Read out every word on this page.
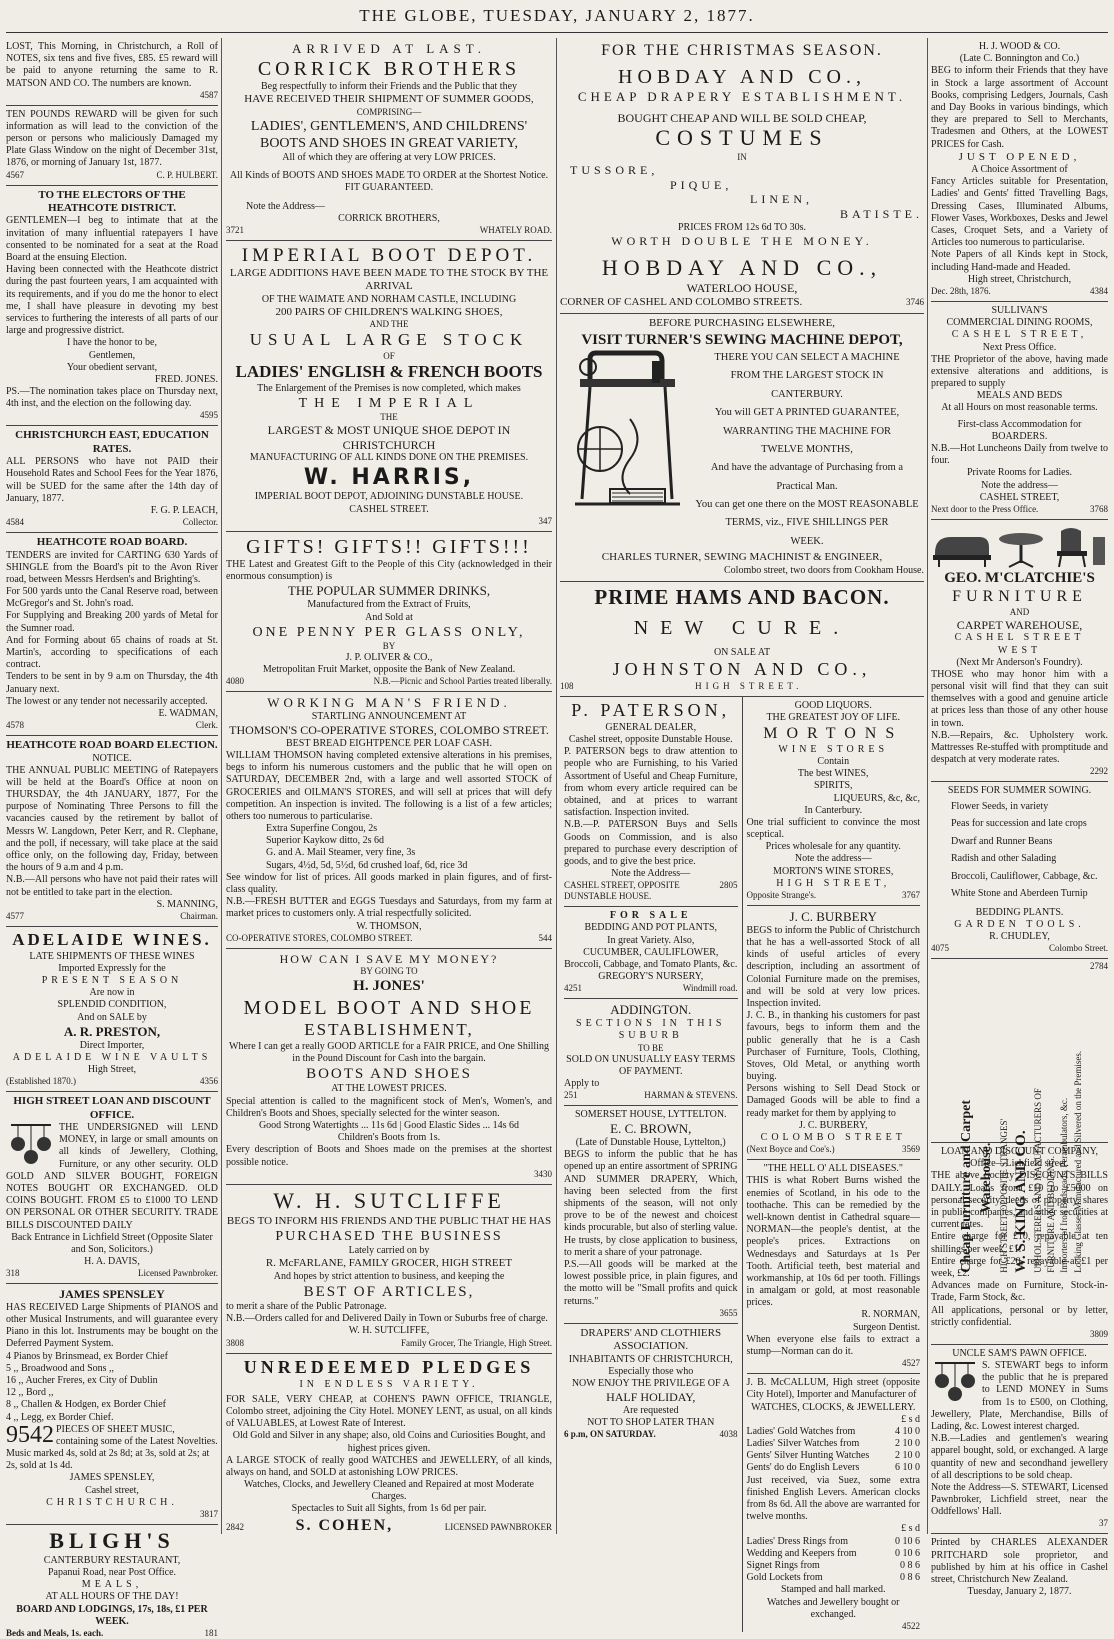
THE GLOBE, TUESDAY, JANUARY 2, 1877.
LOST, This Morning, in Christchurch, a Roll of NOTES, six tens and five fives, £85. £5 reward will be paid to anyone returning the same to R. MATSON AND CO. The numbers are known.
4587
TEN POUNDS REWARD will be given for such information as will lead to the conviction of the person or persons who maliciously Damaged my Plate Glass Window on the night of December 31st, 1876, or morning of January 1st, 1877.
4567	C. P. HULBERT.
TO THE ELECTORS OF THE HEATHCOTE DISTRICT.
GENTLEMEN—I beg to intimate that at the invitation of many influential ratepayers I have consented to be nominated for a seat at the Road Board at the ensuing Election.
Having been connected with the Heathcote district during the past fourteen years, I am acquainted with its requirements, and if you do me the honor to elect me, I shall have pleasure in devoting my best services to furthering the interests of all parts of our large and progressive district.
I have the honor to be,
Gentlemen,
Your obedient servant,
FRED. JONES.
PS.—The nomination takes place on Thursday next, 4th inst, and the election on the following day.
4595
CHRISTCHURCH EAST, EDUCATION RATES.
ALL PERSONS who have not PAID their Household Rates and School Fees for the Year 1876, will be SUED for the same after the 14th day of January, 1877.
F. G. P. LEACH,
4584	Collector.
HEATHCOTE ROAD BOARD.
TENDERS are invited for CARTING 630 Yards of SHINGLE from the Board's pit to the Avon River road, between Messrs Herdsen's and Brighting's.
For 500 yards unto the Canal Reserve road, between McGregor's and St. John's road.
For Supplying and Breaking 200 yards of Metal for the Sumner road.
And for Forming about 65 chains of roads at St. Martin's, according to specifications of each contract.
Tenders to be sent in by 9 a.m on Thursday, the 4th January next.
The lowest or any tender not necessarily accepted.
E. WADMAN,
4578	Clerk.
HEATHCOTE ROAD BOARD ELECTION.
NOTICE.
THE ANNUAL PUBLIC MEETING of Ratepayers will be held at the Board's Office at noon on THURSDAY, the 4th JANUARY, 1877, For the purpose of Nominating Three Persons to fill the vacancies caused by the retirement by ballot of Messrs W. Langdown, Peter Kerr, and R. Clephane, and the poll, if necessary, will take place at the said office only, on the following day, Friday, between the hours of 9 a.m and 4 p.m.
N.B.—All persons who have not paid their rates will not be entitled to take part in the election.
S. MANNING,
4577	Chairman.
ADELAIDE WINES.
LATE SHIPMENTS OF THESE WINES
Imported Expressly for the
PRESENT SEASON
Are now in
SPLENDID CONDITION,
And on SALE by
A. R. PRESTON,
Direct Importer,
ADELAIDE WINE VAULTS
High Street,
(Established 1870.)	4356
HIGH STREET LOAN AND DISCOUNT OFFICE.
THE UNDERSIGNED will LEND MONEY, in large or small amounts on all kinds of Jewellery, Clothing, Furniture, or any other security. OLD GOLD AND SILVER BOUGHT, FOREIGN NOTES BOUGHT OR EXCHANGED. OLD COINS BOUGHT. FROM £5 to £1000 TO LEND ON PERSONAL OR OTHER SECURITY. TRADE BILLS DISCOUNTED DAILY
Back Entrance in Lichfield Street (Opposite Slater and Son, Solicitors.)
H. A. DAVIS,
318	Licensed Pawnbroker.
JAMES SPENSLEY
HAS RECEIVED Large Shipments of PIANOS and other Musical Instruments, and will guarantee every Piano in this lot. Instruments may be bought on the Deferred Payment System.
4 Pianos by Brinsmead, ex Border Chief
5 ,, Broadwood and Sons ,,
16 ,, Aucher Freres, ex City of Dublin
12 ,, Bord ,,
8 ,, Challen & Hodgen, ex Border Chief
4 ,, Legg, ex Border Chief.
9542 PIECES OF SHEET MUSIC, containing some of the Latest Novelties. Music marked 4s, sold at 2s 8d; at 3s, sold at 2s; at 2s, sold at 1s 4d.
JAMES SPENSLEY,
Cashel street,
CHRISTCHURCH.
3817
BLIGH'S
CANTERBURY RESTAURANT,
Papanui Road, near Post Office.
MEALS,
AT ALL HOURS OF THE DAY!
BOARD AND LODGINGS, 17s, 18s, £1 PER WEEK.
Beds and Meals, 1s. each.	181
ARRIVED AT LAST.
CORRICK BROTHERS
Beg respectfully to inform their Friends and the Public that they
HAVE RECEIVED THEIR SHIPMENT OF SUMMER GOODS,
COMPRISING—
LADIES', GENTLEMEN'S, AND CHILDRENS'
BOOTS AND SHOES IN GREAT VARIETY,
All of which they are offering at very LOW PRICES.
All Kinds of BOOTS AND SHOES MADE TO ORDER at the Shortest Notice.
FIT GUARANTEED.
Note the Address—
CORRICK BROTHERS,
3721	WHATELY ROAD.
IMPERIAL BOOT DEPOT.
LARGE ADDITIONS HAVE BEEN MADE TO THE STOCK BY THE ARRIVAL
OF THE WAIMATE AND NORHAM CASTLE, INCLUDING
200 PAIRS OF CHILDREN'S WALKING SHOES,
AND THE
USUAL LARGE STOCK
OF
LADIES' ENGLISH & FRENCH BOOTS
The Enlargement of the Premises is now completed, which makes
THE IMPERIAL
THE
LARGEST & MOST UNIQUE SHOE DEPOT IN CHRISTCHURCH
MANUFACTURING OF ALL KINDS DONE ON THE PREMISES.
W. HARRIS,
IMPERIAL BOOT DEPOT, ADJOINING DUNSTABLE HOUSE.
CASHEL STREET.
347
GIFTS! GIFTS!! GIFTS!!!
THE Latest and Greatest Gift to the People of this City (acknowledged in their enormous consumption) is
THE POPULAR SUMMER DRINKS,
Manufactured from the Extract of Fruits,
And Sold at
ONE PENNY PER GLASS ONLY,
BY
J. P. OLIVER & CO.,
Metropolitan Fruit Market, opposite the Bank of New Zealand.
4080	N.B.—Picnic and School Parties treated liberally.
WORKING MAN'S FRIEND.
STARTLING ANNOUNCEMENT AT
THOMSON'S CO-OPERATIVE STORES, COLOMBO STREET.
BEST BREAD EIGHTPENCE PER LOAF CASH.
WILLIAM THOMSON having completed extensive alterations in his premises, begs to inform his numerous customers and the public that he will open on SATURDAY, DECEMBER 2nd, with a large and well assorted STOCK of GROCERIES and OILMAN'S STORES, and will sell at prices that will defy competition. An inspection is invited. The following is a list of a few articles; others too numerous to particularise.
Extra Superfine Congou, 2s
Superior Kaykow ditto, 2s 6d
G. and A. Mail Steamer, very fine, 3s
Sugars, 4½d, 5d, 5½d, 6d crushed loaf, 6d, rice 3d
See window for list of prices. All goods marked in plain figures, and of first-class quality.
N.B.—FRESH BUTTER and EGGS Tuesdays and Saturdays, from my farm at market prices to customers only. A trial respectfully solicited.
W. THOMSON,
CO-OPERATIVE STORES, COLOMBO STREET.	544
HOW CAN I SAVE MY MONEY?
BY GOING TO
H. JONES'
MODEL BOOT AND SHOE
ESTABLISHMENT,
Where I can get a really GOOD ARTICLE for a FAIR PRICE, and One Shilling in the Pound Discount for Cash into the bargain.
BOOTS AND SHOES
AT THE LOWEST PRICES.
Special attention is called to the magnificent stock of Men's, Women's, and Children's Boots and Shoes, specially selected for the winter season.
Good Strong Watertights ... 11s 6d | Good Elastic Sides ... 14s 6d
Children's Boots from 1s.
Every description of Boots and Shoes made on the premises at the shortest possible notice.
3430
W. H. SUTCLIFFE
BEGS TO INFORM HIS FRIENDS AND THE PUBLIC THAT HE HAS
PURCHASED THE BUSINESS
Lately carried on by
R. McFARLANE, FAMILY GROCER, HIGH STREET
And hopes by strict attention to business, and keeping the
BEST OF ARTICLES,
to merit a share of the Public Patronage.
N.B.—Orders called for and Delivered Daily in Town or Suburbs free of charge.
W. H. SUTCLIFFE,
3808	Family Grocer, The Triangle, High Street.
UNREDEEMED PLEDGES
IN ENDLESS VARIETY.
FOR SALE, VERY CHEAP, at COHEN'S PAWN OFFICE, TRIANGLE, Colombo street, adjoining the City Hotel. MONEY LENT, as usual, on all kinds of VALUABLES, at Lowest Rate of Interest.
Old Gold and Silver in any shape; also, old Coins and Curiosities Bought, and highest prices given.
A LARGE STOCK of really good WATCHES and JEWELLERY, of all kinds, always on hand, and SOLD at astonishing LOW PRICES.
Watches, Clocks, and Jewellery Cleaned and Repaired at most Moderate Charges.
Spectacles to Suit all Sights, from 1s 6d per pair.
2842	S. COHEN,	LICENSED PAWNBROKER
FOR THE CHRISTMAS SEASON.
HOBDAY AND CO.,
CHEAP DRAPERY ESTABLISHMENT.
BOUGHT CHEAP AND WILL BE SOLD CHEAP,
COSTUMES
IN
TUSSORE,
PIQUE,
LINEN,
BATISTE.
PRICES FROM 12s 6d TO 30s.
WORTH DOUBLE THE MONEY.
HOBDAY AND CO.,
WATERLOO HOUSE,
CORNER OF CASHEL AND COLOMBO STREETS.	3746
BEFORE PURCHASING ELSEWHERE,
VISIT TURNER'S SEWING MACHINE DEPOT,
THERE YOU CAN SELECT A MACHINE
FROM THE LARGEST STOCK IN
CANTERBURY.
You will GET A PRINTED GUARANTEE,
WARRANTING THE MACHINE FOR
TWELVE MONTHS,
And have the advantage of Purchasing from a
Practical Man.
You can get one there on the MOST REASONABLE
TERMS, viz., FIVE SHILLINGS PER
WEEK.
CHARLES TURNER, SEWING MACHINIST & ENGINEER,
Colombo street, two doors from Cookham House.
PRIME HAMS AND BACON.
NEW CURE.
ON SALE AT
JOHNSTON AND CO.,
108	HIGH STREET.
P. PATERSON,
GENERAL DEALER,
Cashel street, opposite Dunstable House.
P. PATERSON begs to draw attention to people who are Furnishing, to his Varied Assortment of Useful and Cheap Furniture, from whom every article required can be obtained, and at prices to warrant satisfaction. Inspection invited.
N.B.—P. PATERSON Buys and Sells Goods on Commission, and is also prepared to purchase every description of goods, and to give the best price.
Note the Address—
CASHEL STREET, OPPOSITE DUNSTABLE HOUSE.
2805
FOR SALE
BEDDING AND POT PLANTS,
In great Variety. Also,
CUCUMBER, CAULIFLOWER,
Broccoli, Cabbage, and Tomato Plants, &c.
GREGORY'S NURSERY,
4251	Windmill road.
ADDINGTON.
SECTIONS IN THIS SUBURB
TO BE
SOLD ON UNUSUALLY EASY TERMS
OF PAYMENT.
Apply to
251	HARMAN & STEVENS.
SOMERSET HOUSE, LYTTELTON.
E. C. BROWN,
(Late of Dunstable House, Lyttelton,)
BEGS to inform the public that he has opened up an entire assortment of SPRING AND SUMMER DRAPERY, Which, having been selected from the first shipments of the season, will not only prove to be of the newest and choicest kinds procurable, but also of sterling value. He trusts, by close application to business, to merit a share of your patronage.
P.S.—All goods will be marked at the lowest possible price, in plain figures, and the motto will be "Small profits and quick returns."
3655
DRAPERS' AND CLOTHIERS ASSOCIATION.
INHABITANTS OF CHRISTCHURCH,
Especially those who
NOW ENJOY THE PRIVILEGE OF A
HALF HOLIDAY,
Are requested
NOT TO SHOP LATER THAN
6 p.m, ON SATURDAY.	4038
GOOD LIQUORS.
THE GREATEST JOY OF LIFE.
MORTONS
WINE STORES
Contain
The best WINES,
SPIRITS,
LIQUEURS, &c, &c,
In Canterbury.
One trial sufficient to convince the most sceptical.
Prices wholesale for any quantity.
Note the address—
MORTON'S WINE STORES,
HIGH STREET,
Opposite Strange's.	3767
J. C. BURBERY
BEGS to inform the Public of Christchurch that he has a well-assorted Stock of all kinds of useful articles of every description, including an assortment of Colonial Furniture made on the premises, and will be sold at very low prices. Inspection invited.
J. C. B., in thanking his customers for past favours, begs to inform them and the public generally that he is a Cash Purchaser of Furniture, Tools, Clothing, Stoves, Old Metal, or anything worth buying.
Persons wishing to Sell Dead Stock or Damaged Goods will be able to find a ready market for them by applying to
J. C. BURBERY,
COLOMBO STREET
(Next Boyce and Coe's.)	3569
"THE HELL O' ALL DISEASES."
THIS is what Robert Burns wished the enemies of Scotland, in his ode to the toothache. This can be remedied by the well-known dentist in Cathedral square—NORMAN—the people's dentist, at the people's prices. Extractions on Wednesdays and Saturdays at 1s Per Tooth. Artificial teeth, best material and workmanship, at 10s 6d per tooth. Fillings in amalgam or gold, at most reasonable prices.
R. NORMAN,
Surgeon Dentist.
When everyone else fails to extract a stump—Norman can do it.
4527
J. B. McCALLUM, High street (opposite City Hotel), Importer and Manufacturer of
WATCHES, CLOCKS, & JEWELLERY.
£ s d
Ladies' Gold Watches from	4 10 0
Ladies' Silver Watches from	2 10 0
Gents' Silver Hunting Watches	2 10 0
Gents' do do English Levers	6 10 0
Just received, via Suez, some extra finished English Levers. American clocks from 8s 6d. All the above are warranted for twelve months.
£ s d
Ladies' Dress Rings from	0 10 6
Wedding and Keepers from	0 10 6
Signet Rings from	0 8 6
Gold Lockets from	0 8 6
Stamped and hall marked.
Watches and Jewellery bought or exchanged.
4522
H. J. WOOD & CO.
(Late C. Bonnington and Co.)
BEG to inform their Friends that they have in Stock a large assortment of Account Books, comprising Ledgers, Journals, Cash and Day Books in various bindings, which they are prepared to Sell to Merchants, Tradesmen and Others, at the LOWEST PRICES for Cash.
JUST OPENED,
A Choice Assortment of
Fancy Articles suitable for Presentation, Ladies' and Gents' fitted Travelling Bags, Dressing Cases, Illuminated Albums, Flower Vases, Workboxes, Desks and Jewel Cases, Croquet Sets, and a Variety of Articles too numerous to particularise.
Note Papers of all Kinds kept in Stock, including Hand-made and Headed.
High street, Christchurch,
Dec. 28th, 1876.	4384
SULLIVAN'S
COMMERCIAL DINING ROOMS,
CASHEL STREET,
Next Press Office.
THE Proprietor of the above, having made extensive alterations and additions, is prepared to supply
MEALS AND BEDS
At all Hours on most reasonable terms.
First-class Accommodation for BOARDERS.
N.B.—Hot Luncheons Daily from twelve to four.
Private Rooms for Ladies.
Note the address—
CASHEL STREET,
Next door to the Press Office.	3768
GEO. M'CLATCHIE'S
FURNITURE
AND
CARPET WAREHOUSE,
CASHEL STREET WEST
(Next Mr Anderson's Foundry).
THOSE who may honor him with a personal visit will find that they can suit themselves with a good and genuine article at prices less than those of any other house in town.
N.B.—Repairs, &c. Upholstery work. Mattresses Re-stuffed with promptitude and despatch at very moderate rates.
2292
SEEDS FOR SUMMER SOWING.
Flower Seeds, in variety
Peas for succession and late crops
Dwarf and Runner Beans
Radish and other Salading
Broccoli, Cauliflower, Cabbage, &c.
White Stone and Aberdeen Turnip
BEDDING PLANTS.
GARDEN TOOLS.
R. CHUDLEY,
4075	Colombo Street.
Cheap Furniture and Carpet Warehouse. HIGH STREET, OPPOSITE STRANGES' W. S. KING AND CO. UPHOLSTERERS AND MANUFACTURERS OF FURNITURE AND BEDDING. Importers of Iron Bedsteads, Perambulators, &c. Looking Glasses Manufactured and Silvered on the Premises.
2784
LOAN AND DISCOUNT COMPANY,
Office—Lichfield street.
THE above Society DISCOUNTS BILLS DAILY. Loans from £10 to £5000 on personal security, deeds of property, shares in public companies, and other securities at current rates.
Entire charge for £10, repayable at ten shillings per week, £1.
Entire charge for £20, repayable at £1 per week, £2.
Advances made on Furniture, Stock-in-Trade, Farm Stock, &c.
All applications, personal or by letter, strictly confidential.
3809
UNCLE SAM'S PAWN OFFICE.
S. STEWART begs to inform the public that he is prepared to LEND MONEY in Sums from 1s to £500, on Clothing, Jewellery, Plate, Merchandise, Bills of Lading, &c. Lowest interest charged.
N.B.—Ladies and gentlemen's wearing apparel bought, sold, or exchanged. A large quantity of new and secondhand jewellery of all descriptions to be sold cheap.
Note the Address—S. STEWART, Licensed Pawnbroker, Lichfield street, near the Oddfellows' Hall.
37
Printed by CHARLES ALEXANDER PRITCHARD sole proprietor, and published by him at his office in Cashel street, Christchurch New Zealand.
Tuesday, January 2, 1877.
